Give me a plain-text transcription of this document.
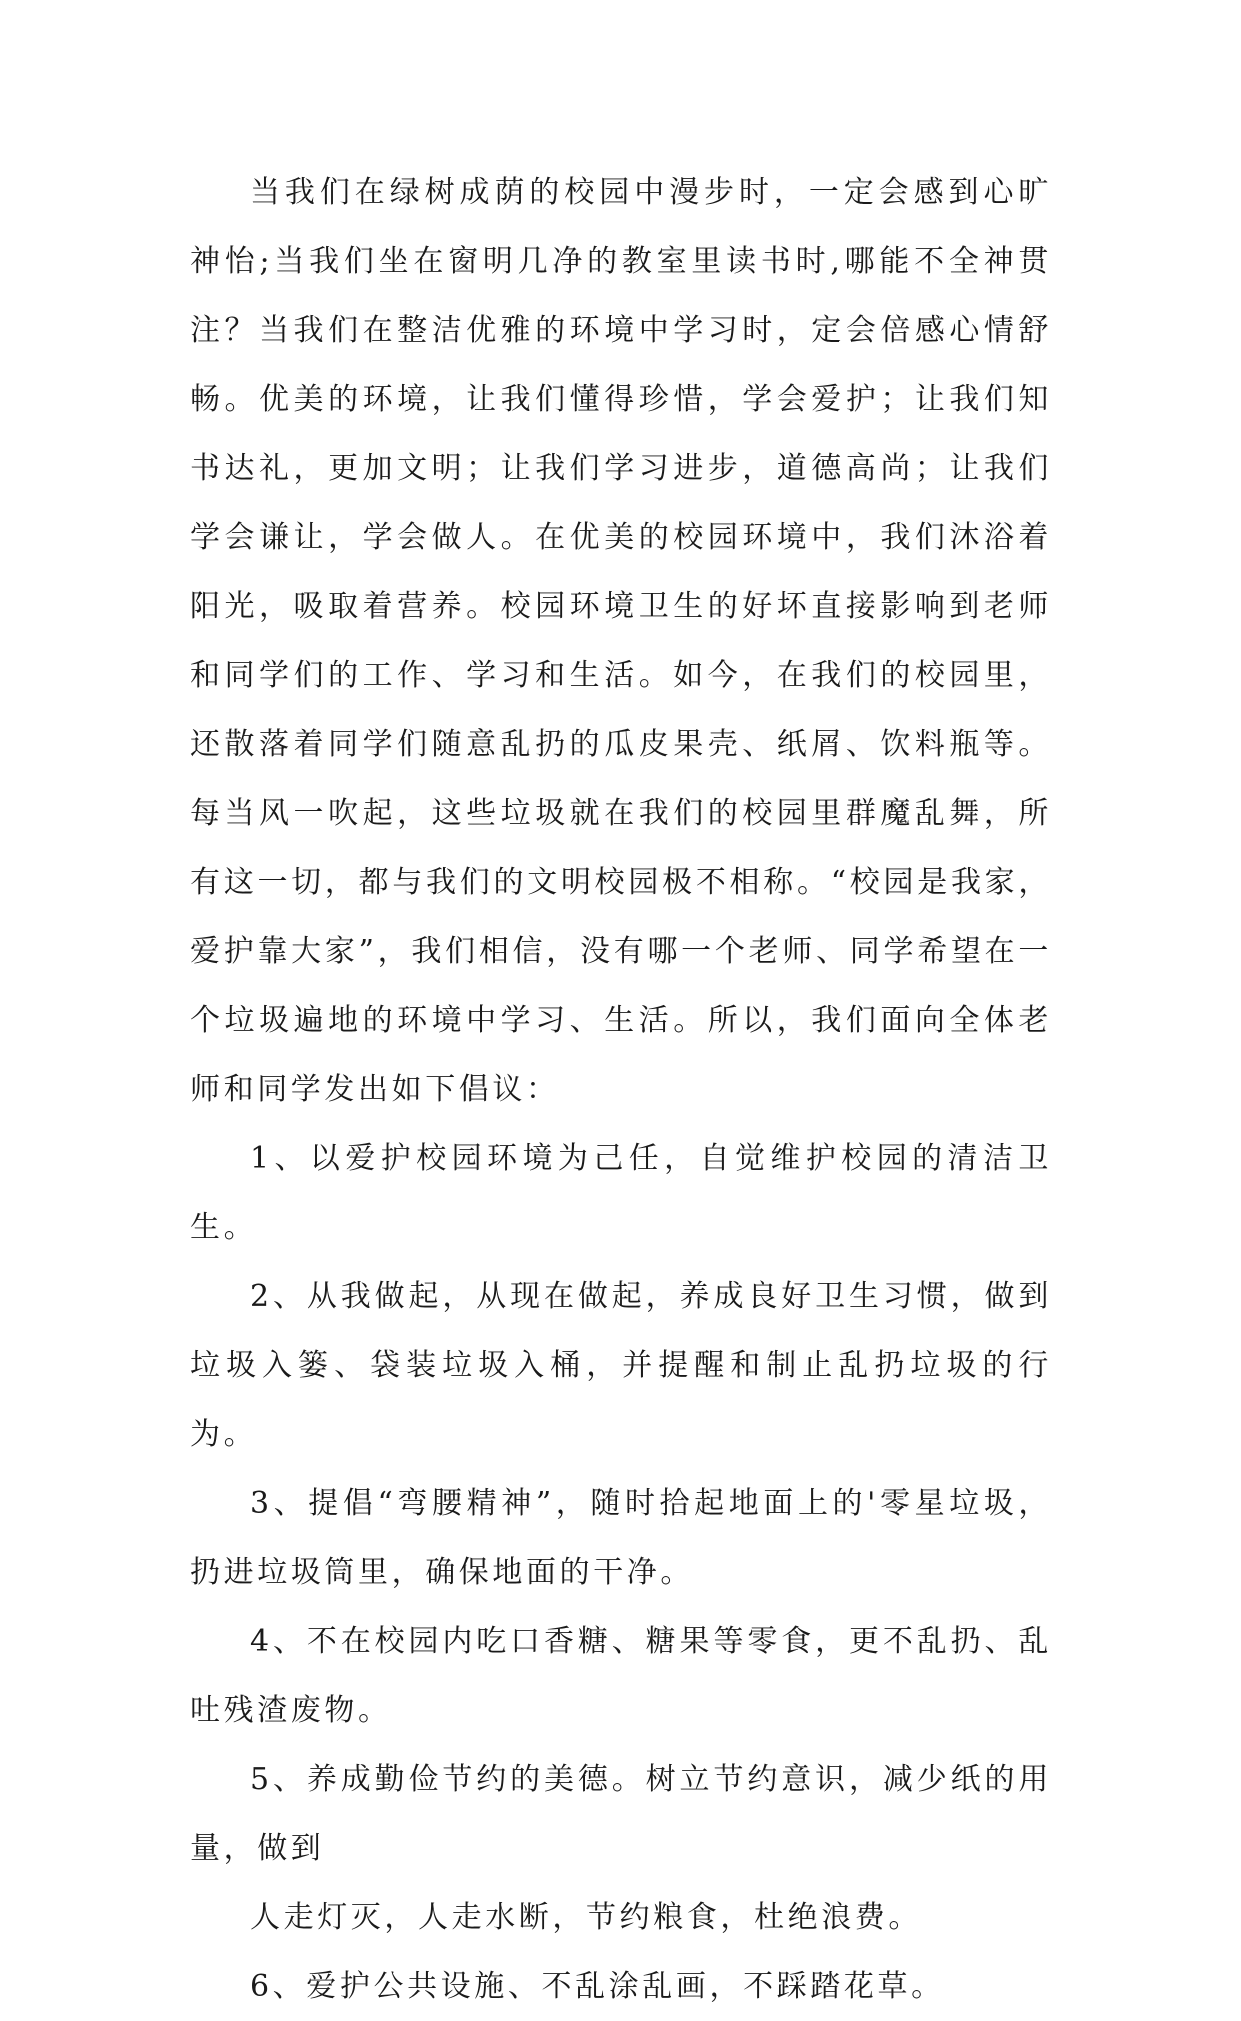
当我们在绿树成荫的校园中漫步时，一定会感到心旷神怡;当我们坐在窗明几净的教室里读书时,哪能不全神贯注？当我们在整洁优雅的环境中学习时，定会倍感心情舒畅。优美的环境，让我们懂得珍惜，学会爱护；让我们知书达礼，更加文明；让我们学习进步，道德高尚；让我们学会谦让，学会做人。在优美的校园环境中，我们沐浴着阳光，吸取着营养。校园环境卫生的好坏直接影响到老师和同学们的工作、学习和生活。如今，在我们的校园里，还散落着同学们随意乱扔的瓜皮果壳、纸屑、饮料瓶等。每当风一吹起，这些垃圾就在我们的校园里群魔乱舞，所有这一切，都与我们的文明校园极不相称。“校园是我家，爱护靠大家”，我们相信，没有哪一个老师、同学希望在一个垃圾遍地的环境中学习、生活。所以，我们面向全体老师和同学发出如下倡议：

1、以爱护校园环境为己任，自觉维护校园的清洁卫生。

2、从我做起，从现在做起，养成良好卫生习惯，做到垃圾入篓、袋装垃圾入桶，并提醒和制止乱扔垃圾的行为。

3、提倡“弯腰精神”，随时拾起地面上的'零星垃圾，扔进垃圾筒里，确保地面的干净。

4、不在校园内吃口香糖、糖果等零食，更不乱扔、乱吐残渣废物。

5、养成勤俭节约的美德。树立节约意识，减少纸的用量，做到

人走灯灭，人走水断，节约粮食，杜绝浪费。

6、爱护公共设施、不乱涂乱画，不踩踏花草。
